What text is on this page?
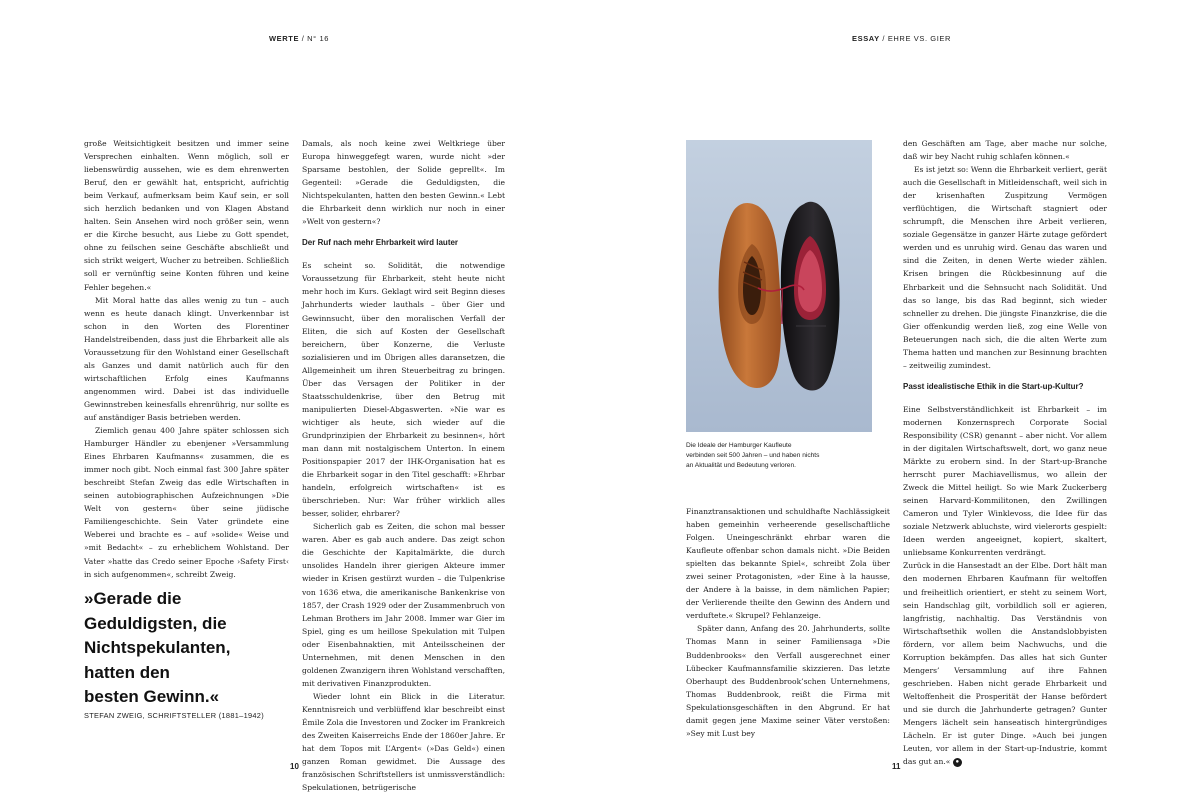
WERTE / N° 16	ESSAY / EHRE VS. GIER

große Weitsichtigkeit besitzen und immer seine Versprechen einhalten. Wenn möglich, soll er liebenswürdig aussehen, wie es dem ehrenwerten Beruf, den er gewählt hat, entspricht, aufrichtig beim Verkauf, aufmerksam beim Kauf sein, er soll sich herzlich bedanken und von Klagen Abstand halten. Sein Ansehen wird noch größer sein, wenn er die Kirche besucht, aus Liebe zu Gott spendet, ohne zu feilschen seine Geschäfte abschließt und sich strikt weigert, Wucher zu betreiben. Schließlich soll er vernünftig seine Konten führen und keine Fehler begehen.«

Mit Moral hatte das alles wenig zu tun – auch wenn es heute danach klingt. Unverkennbar ist schon in den Worten des Florentiner Handelstreibenden, dass just die Ehrbarkeit alle als Voraussetzung für den Wohlstand einer Gesellschaft als Ganzes und damit natürlich auch für den wirtschaftlichen Erfolg eines Kaufmanns angenommen wird. Dabei ist das individuelle Gewinnstreben keinesfalls ehrenrührig, nur sollte es auf anständiger Basis betrieben werden.

Ziemlich genau 400 Jahre später schlossen sich Hamburger Händler zu ebenjener »Versammlung Eines Ehrbaren Kaufmanns« zusammen, die es immer noch gibt. Noch einmal fast 300 Jahre später beschreibt Stefan Zweig das edle Wirtschaften in seinen autobiographischen Aufzeichnungen »Die Welt von gestern« über seine jüdische Familiengeschichte. Sein Vater gründete eine Weberei und brachte es – auf »solide« Weise und »mit Bedacht« – zu erheblichem Wohlstand. Der Vater »hatte das Credo seiner Epoche ›Safety First‹ in sich aufgenommen«, schreibt Zweig.

»Gerade die
Geduldigsten, die
Nichtspekulanten,
hatten den
besten Gewinn.«
STEFAN ZWEIG, SCHRIFTSTELLER (1881–1942)

Damals, als noch keine zwei Weltkriege über Europa hinweggefegt waren, wurde nicht »der Sparsame bestohlen, der Solide geprellt«. Im Gegenteil: »Gerade die Geduldigsten, die Nichtspekulanten, hatten den besten Gewinn.« Lebt die Ehrbarkeit denn wirklich nur noch in einer »Welt von gestern«?

Der Ruf nach mehr Ehrbarkeit wird lauter

Es scheint so. Solidität, die notwendige Voraussetzung für Ehrbarkeit, steht heute nicht mehr hoch im Kurs. Geklagt wird seit Beginn dieses Jahrhunderts wieder lauthals – über Gier und Gewinnsucht, über den moralischen Verfall der Eliten, die sich auf Kosten der Gesellschaft bereichern, über Konzerne, die Verluste sozialisieren und im Übrigen alles daransetzen, die Allgemeinheit um ihren Steuerbeitrag zu bringen. Über das Versagen der Politiker in der Staatsschuldenkrise, über den Betrug mit manipulierten Diesel-Abgaswerten. »Nie war es wichtiger als heute, sich wieder auf die Grundprinzipien der Ehrbarkeit zu besinnen«, hört man dann mit nostalgischem Unterton. In einem Positionspapier 2017 der IHK-Organisation hat es die Ehrbarkeit sogar in den Titel geschafft: »Ehrbar handeln, erfolgreich wirtschaften« ist es überschrieben. Nur: War früher wirklich alles besser, solider, ehrbarer?

Sicherlich gab es Zeiten, die schon mal besser waren. Aber es gab auch andere. Das zeigt schon die Geschichte der Kapitalmärkte, die durch unsolides Handeln ihrer gierigen Akteure immer wieder in Krisen gestürzt wurden – die Tulpenkrise von 1636 etwa, die amerikanische Bankenkrise von 1857, der Crash 1929 oder der Zusammenbruch von Lehman Brothers im Jahr 2008. Immer war Gier im Spiel, ging es um heillose Spekulation mit Tulpen oder Eisenbahnaktien, mit Anteilsscheinen der Unternehmen, mit denen Menschen in den goldenen Zwanzigern ihren Wohlstand verschafften, mit derivativen Finanzprodukten.

Wieder lohnt ein Blick in die Literatur. Kenntnisreich und verblüffend klar beschreibt einst Émile Zola die Investoren und Zocker im Frankreich des Zweiten Kaiserreichs Ende der 1860er Jahre. Er hat dem Topos mit L’Argent« (»Das Geld«) einen ganzen Roman gewidmet. Die Aussage des französischen Schriftstellers ist unmissverständlich: Spekulationen, betrügerische

Die Ideale der Hamburger Kaufleute verbinden seit 500 Jahren – und haben nichts an Aktualität und Bedeutung verloren.

Finanztransaktionen und schuldhafte Nachlässigkeit haben gemeinhin verheerende gesellschaftliche Folgen. Uneingeschränkt ehrbar waren die Kaufleute offenbar schon damals nicht. »Die Beiden spielten das bekannte Spiel«, schreibt Zola über zwei seiner Protagonisten, »der Eine à la hausse, der Andere à la baisse, in dem nämlichen Papier; der Verlierende theilte den Gewinn des Andern und verduftete.« Skrupel? Fehlanzeige.

Später dann, Anfang des 20. Jahrhunderts, sollte Thomas Mann in seiner Familiensaga »Die Buddenbrooks« den Verfall ausgerechnet einer Lübecker Kaufmannsfamilie skizzieren. Das letzte Oberhaupt des Buddenbrook’schen Unternehmens, Thomas Buddenbrook, reißt die Firma mit Spekulationsgeschäften in den Abgrund. Er hat damit gegen jene Maxime seiner Väter verstoßen: »Sey mit Lust bey

den Geschäften am Tage, aber mache nur solche, daß wir bey Nacht ruhig schlafen können.«

Es ist jetzt so: Wenn die Ehrbarkeit verliert, gerät auch die Gesellschaft in Mitleidenschaft, weil sich in der krisenhaften Zuspitzung Vermögen verflüchtigen, die Wirtschaft stagniert oder schrumpft, die Menschen ihre Arbeit verlieren, soziale Gegensätze in ganzer Härte zutage gefördert werden und es unruhig wird. Genau das waren und sind die Zeiten, in denen Werte wieder zählen. Krisen bringen die Rückbesinnung auf die Ehrbarkeit und die Sehnsucht nach Solidität. Und das so lange, bis das Rad beginnt, sich wieder schneller zu drehen. Die jüngste Finanzkrise, die die Gier offenkundig werden ließ, zog eine Welle von Beteuerungen nach sich, die die alten Werte zum Thema hatten und manchen zur Besinnung brachten – zeitweilig zumindest.

Passt idealistische Ethik in die Start-up-Kultur?

Eine Selbstverständlichkeit ist Ehrbarkeit – im modernen Konzernsprech Corporate Social Responsibility (CSR) genannt – aber nicht. Vor allem in der digitalen Wirtschaftswelt, dort, wo ganz neue Märkte zu erobern sind. In der Start-up-Branche herrscht purer Machiavellismus, wo allein der Zweck die Mittel heiligt. So wie Mark Zuckerberg seinen Harvard-Kommilitonen, den Zwillingen Cameron und Tyler Winklevoss, die Idee für das soziale Netzwerk abluchste, wird vielerorts gespielt: Ideen werden angeeignet, kopiert, skaltert, unliebsame Konkurrenten verdrängt.

Zurück in die Hansestadt an der Elbe. Dort hält man den modernen Ehrbaren Kaufmann für weltoffen und freiheitlich orientiert, er steht zu seinem Wort, sein Handschlag gilt, vorbildlich soll er agieren, langfristig, nachhaltig. Das Verständnis von Wirtschaftsethik wollen die Anstandslobbyisten fördern, vor allem beim Nachwuchs, und die Korruption bekämpfen. Das alles hat sich Gunter Mengers’ Versammlung auf ihre Fahnen geschrieben. Haben nicht gerade Ehrbarkeit und Weltoffenheit die Prosperität der Hanse befördert und sie durch die Jahrhunderte getragen? Gunter Mengers lächelt sein hanseatisch hintergründiges Lächeln. Er ist guter Dinge. »Auch bei jungen Leuten, vor allem in der Start-up-Industrie, kommt das gut an.« ●

10	11
